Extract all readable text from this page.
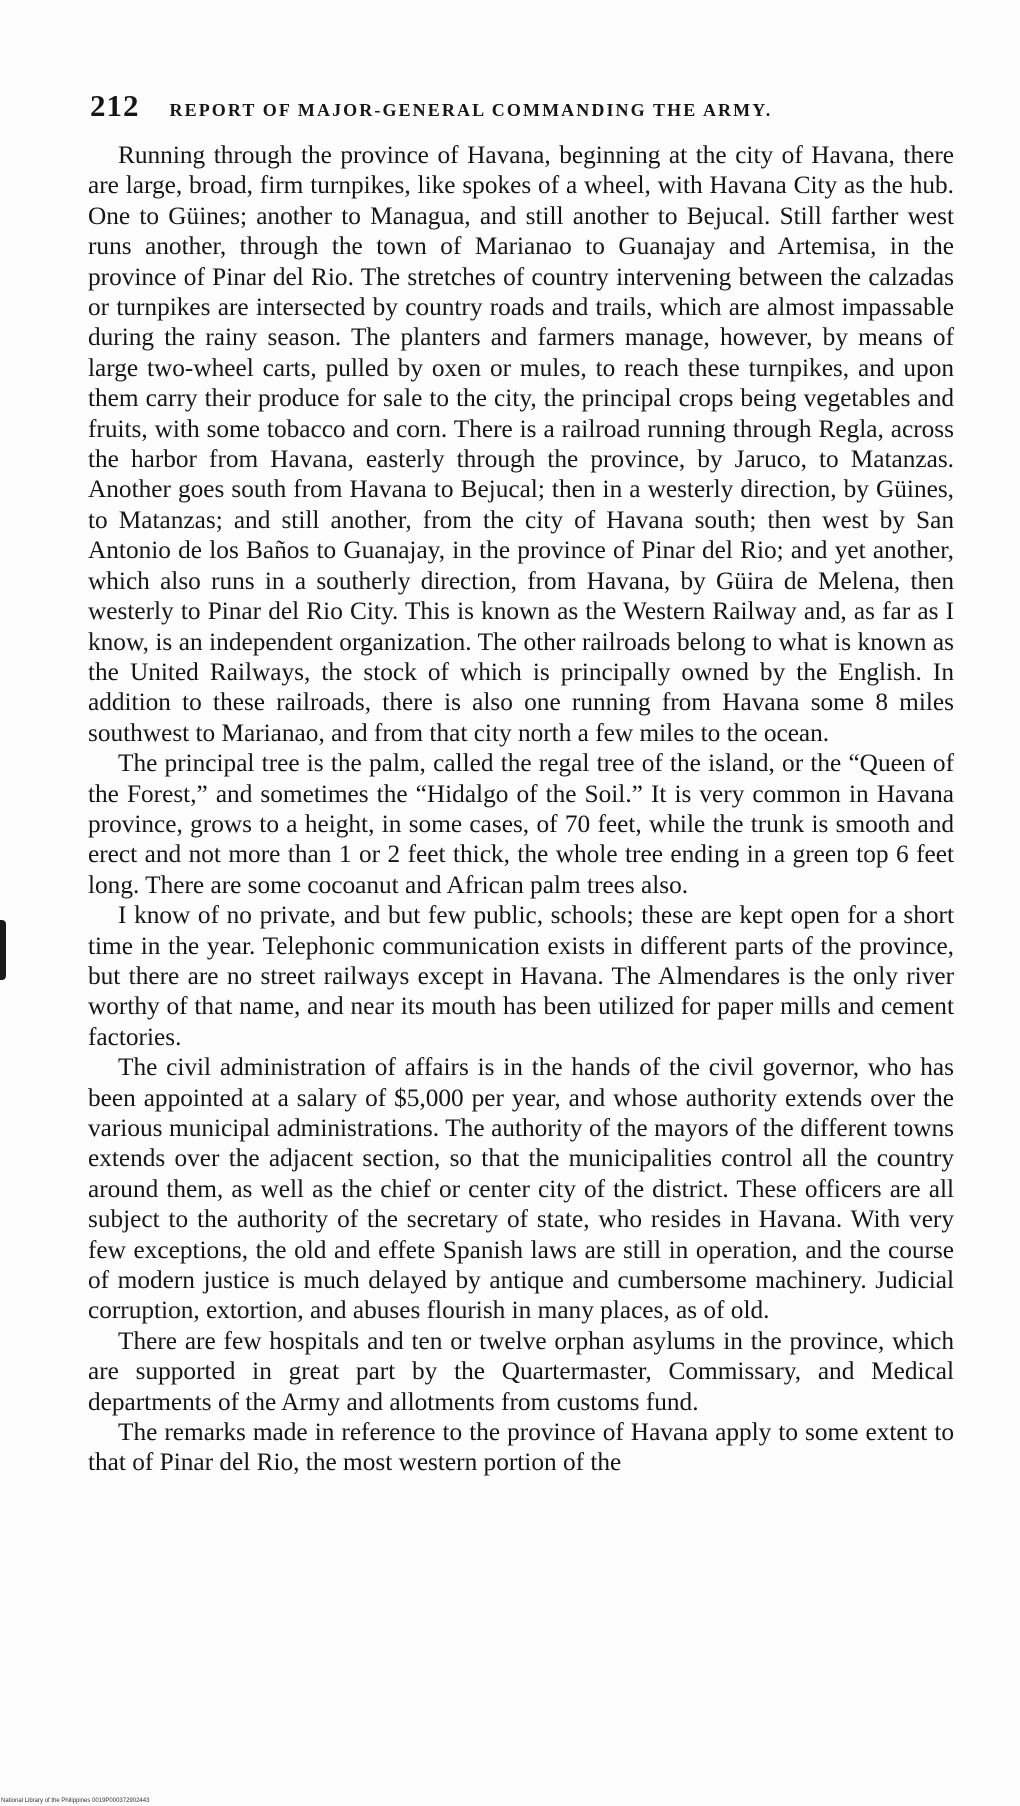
212 REPORT OF MAJOR-GENERAL COMMANDING THE ARMY.

Running through the province of Havana, beginning at the city of Havana, there are large, broad, firm turnpikes, like spokes of a wheel, with Havana City as the hub. One to Güines; another to Managua, and still another to Bejucal. Still farther west runs another, through the town of Marianao to Guanajay and Artemisa, in the province of Pinar del Rio. The stretches of country intervening between the calzadas or turnpikes are intersected by country roads and trails, which are almost impassable during the rainy season. The planters and farmers manage, however, by means of large two-wheel carts, pulled by oxen or mules, to reach these turnpikes, and upon them carry their produce for sale to the city, the principal crops being vegetables and fruits, with some tobacco and corn. There is a railroad running through Regla, across the harbor from Havana, easterly through the province, by Jaruco, to Matanzas. Another goes south from Havana to Bejucal; then in a westerly direction, by Güines, to Matanzas; and still another, from the city of Havana south; then west by San Antonio de los Baños to Guanajay, in the province of Pinar del Rio; and yet another, which also runs in a southerly direction, from Havana, by Güira de Melena, then westerly to Pinar del Rio City. This is known as the Western Railway and, as far as I know, is an independent organization. The other railroads belong to what is known as the United Railways, the stock of which is principally owned by the English. In addition to these railroads, there is also one running from Havana some 8 miles southwest to Marianao, and from that city north a few miles to the ocean.

The principal tree is the palm, called the regal tree of the island, or the “Queen of the Forest,” and sometimes the “Hidalgo of the Soil.” It is very common in Havana province, grows to a height, in some cases, of 70 feet, while the trunk is smooth and erect and not more than 1 or 2 feet thick, the whole tree ending in a green top 6 feet long. There are some cocoanut and African palm trees also.

I know of no private, and but few public, schools; these are kept open for a short time in the year. Telephonic communication exists in different parts of the province, but there are no street railways except in Havana. The Almendares is the only river worthy of that name, and near its mouth has been utilized for paper mills and cement factories.

The civil administration of affairs is in the hands of the civil governor, who has been appointed at a salary of $5,000 per year, and whose authority extends over the various municipal administrations. The authority of the mayors of the different towns extends over the adjacent section, so that the municipalities control all the country around them, as well as the chief or center city of the district. These officers are all subject to the authority of the secretary of state, who resides in Havana. With very few exceptions, the old and effete Spanish laws are still in operation, and the course of modern justice is much delayed by antique and cumbersome machinery. Judicial corruption, extortion, and abuses flourish in many places, as of old.

There are few hospitals and ten or twelve orphan asylums in the province, which are supported in great part by the Quartermaster, Commissary, and Medical departments of the Army and allotments from customs fund.

The remarks made in reference to the province of Havana apply to some extent to that of Pinar del Rio, the most western portion of the

National Library of the Philippines 0019P000372902443
